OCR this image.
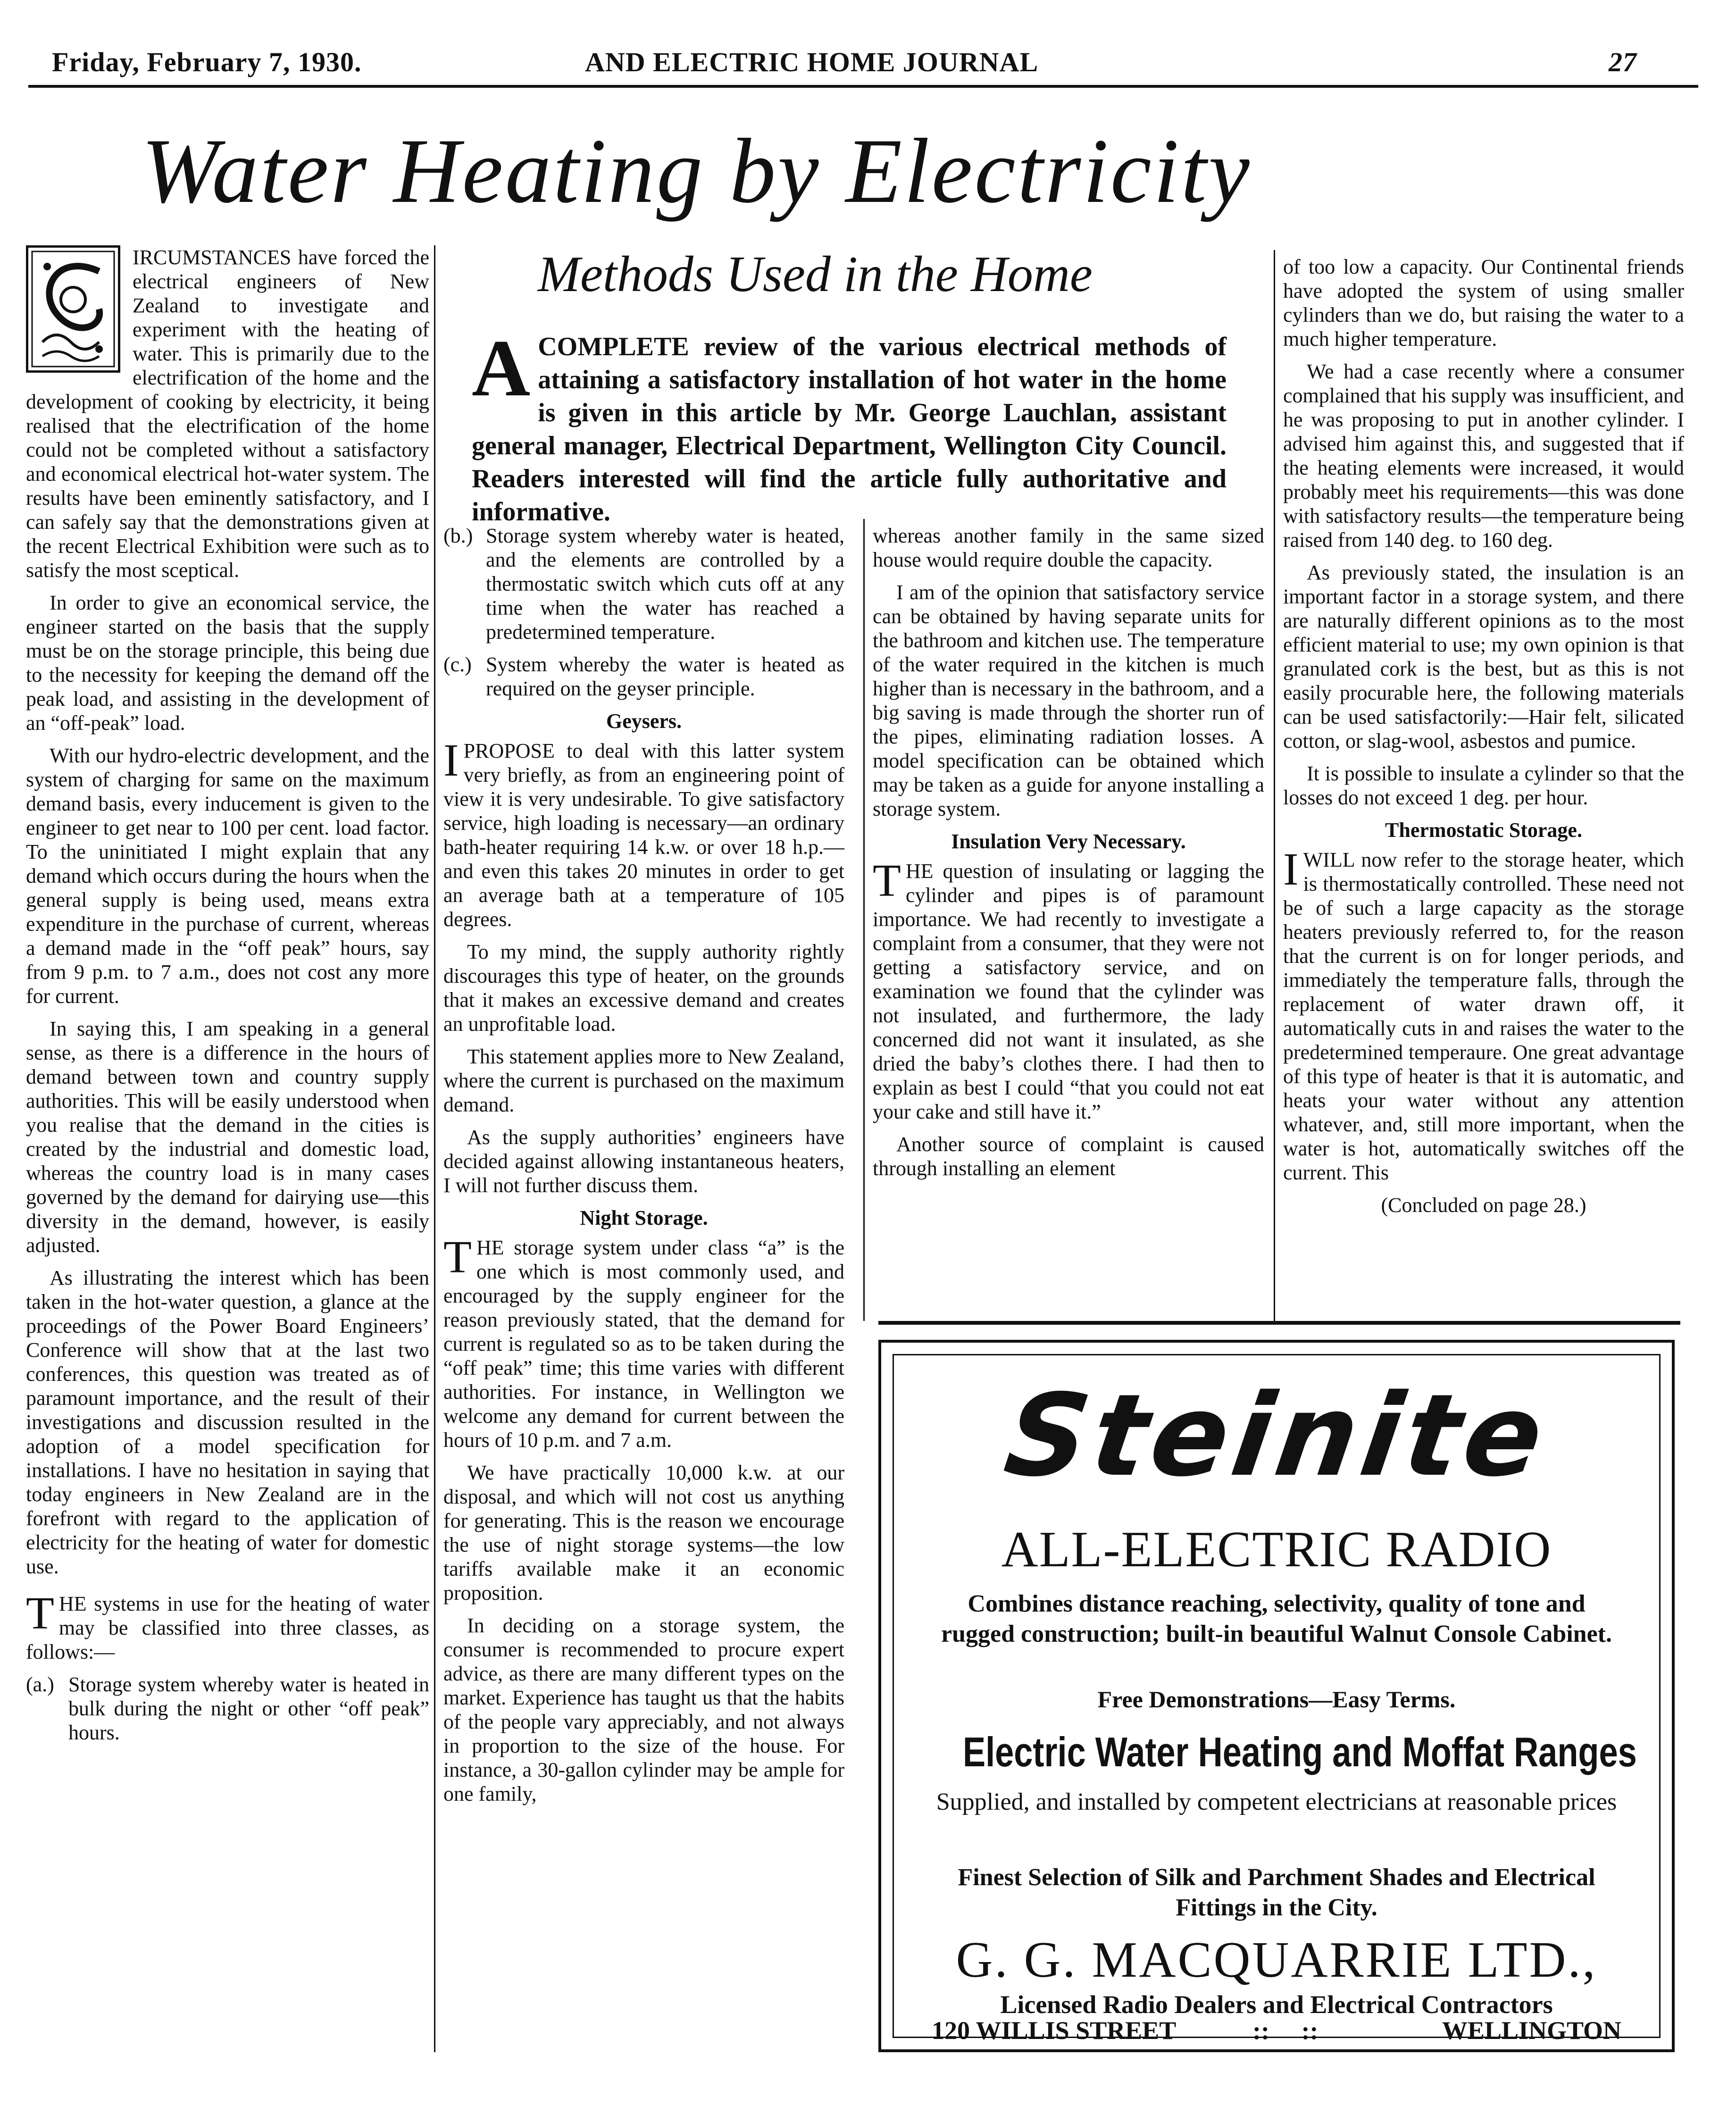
Friday, February 7, 1930.	AND ELECTRIC HOME JOURNAL	27
Water Heating by Electricity
Methods Used in the Home
A COMPLETE review of the various electrical methods of attaining a satisfactory installation of hot water in the home is given in this article by Mr. George Lauchlan, assistant general manager, Electrical Department, Wellington City Council. Readers interested will find the article fully authoritative and informative.

IRCUMSTANCES have forced the electrical engineers of New Zealand to investigate and experiment with the heating of water. This is primarily due to the electrification of the home and the development of cooking by electricity, it being realised that the electrification of the home could not be completed without a satisfactory and economical electrical hot-water system. The results have been eminently satisfactory, and I can safely say that the demonstrations given at the recent Electrical Exhibition were such as to satisfy the most sceptical.

In order to give an economical service, the engineer started on the basis that the supply must be on the storage principle, this being due to the necessity for keeping the demand off the peak load, and assisting in the development of an “off-peak” load.

With our hydro-electric development, and the system of charging for same on the maximum demand basis, every inducement is given to the engineer to get near to 100 per cent. load factor. To the uninitiated I might explain that any demand which occurs during the hours when the general supply is being used, means extra expenditure in the purchase of current, whereas a demand made in the “off peak” hours, say from 9 p.m. to 7 a.m., does not cost any more for current.

In saying this, I am speaking in a general sense, as there is a difference in the hours of demand between town and country supply authorities. This will be easily understood when you realise that the demand in the cities is created by the industrial and domestic load, whereas the country load is in many cases governed by the demand for dairying use—this diversity in the demand, however, is easily adjusted.

As illustrating the interest which has been taken in the hot-water question, a glance at the proceedings of the Power Board Engineers’ Conference will show that at the last two conferences, this question was treated as of paramount importance, and the result of their investigations and discussion resulted in the adoption of a model specification for installations. I have no hesitation in saying that today engineers in New Zealand are in the forefront with regard to the application of electricity for the heating of water for domestic use.

T HE systems in use for the heating of water may be classified into three classes, as follows:—

(a.) Storage system whereby water is heated in bulk during the night or other “off peak” hours.

(b.) Storage system whereby water is heated, and the elements are controlled by a thermostatic switch which cuts off at any time when the water has reached a predetermined temperature.

(c.) System whereby the water is heated as required on the geyser principle.

Geysers.

I PROPOSE to deal with this latter system very briefly, as from an engineering point of view it is very undesirable. To give satisfactory service, high loading is necessary—an ordinary bath-heater requiring 14 k.w. or over 18 h.p.—and even this takes 20 minutes in order to get an average bath at a temperature of 105 degrees.

To my mind, the supply authority rightly discourages this type of heater, on the grounds that it makes an excessive demand and creates an unprofitable load.

This statement applies more to New Zealand, where the current is purchased on the maximum demand.

As the supply authorities’ engineers have decided against allowing instantaneous heaters, I will not further discuss them.

Night Storage.

T HE storage system under class “a” is the one which is most commonly used, and encouraged by the supply engineer for the reason previously stated, that the demand for current is regulated so as to be taken during the “off peak” time; this time varies with different authorities. For instance, in Wellington we welcome any demand for current between the hours of 10 p.m. and 7 a.m.

We have practically 10,000 k.w. at our disposal, and which will not cost us anything for generating. This is the reason we encourage the use of night storage systems—the low tariffs available make it an economic proposition.

In deciding on a storage system, the consumer is recommended to procure expert advice, as there are many different types on the market. Experience has taught us that the habits of the people vary appreciably, and not always in proportion to the size of the house. For instance, a 30-gallon cylinder may be ample for one family,

whereas another family in the same sized house would require double the capacity.

I am of the opinion that satisfactory service can be obtained by having separate units for the bathroom and kitchen use. The temperature of the water required in the kitchen is much higher than is necessary in the bathroom, and a big saving is made through the shorter run of the pipes, eliminating radiation losses. A model specification can be obtained which may be taken as a guide for anyone installing a storage system.

Insulation Very Necessary.

T HE question of insulating or lagging the cylinder and pipes is of paramount importance. We had recently to investigate a complaint from a consumer, that they were not getting a satisfactory service, and on examination we found that the cylinder was not insulated, and furthermore, the lady concerned did not want it insulated, as she dried the baby’s clothes there. I had then to explain as best I could “that you could not eat your cake and still have it.”

Another source of complaint is caused through installing an element

of too low a capacity. Our Continental friends have adopted the system of using smaller cylinders than we do, but raising the water to a much higher temperature.

We had a case recently where a consumer complained that his supply was insufficient, and he was proposing to put in another cylinder. I advised him against this, and suggested that if the heating elements were increased, it would probably meet his requirements—this was done with satisfactory results—the temperature being raised from 140 deg. to 160 deg.

As previously stated, the insulation is an important factor in a storage system, and there are naturally different opinions as to the most efficient material to use; my own opinion is that granulated cork is the best, but as this is not easily procurable here, the following materials can be used satisfactorily:—Hair felt, silicated cotton, or slag-wool, asbestos and pumice.

It is possible to insulate a cylinder so that the losses do not exceed 1 deg. per hour.

Thermostatic Storage.

I WILL now refer to the storage heater, which is thermostatically controlled. These need not be of such a large capacity as the storage heaters previously referred to, for the reason that the current is on for longer periods, and immediately the temperature falls, through the replacement of water drawn off, it automatically cuts in and raises the water to the predetermined temperaure. One great advantage of this type of heater is that it is automatic, and heats your water without any attention whatever, and, still more important, when the water is hot, automatically switches off the current. This

(Concluded on page 28.)

Steinite
ALL-ELECTRIC RADIO
Combines distance reaching, selectivity, quality of tone and rugged construction; built-in beautiful Walnut Console Cabinet.
Free Demonstrations—Easy Terms.
Electric Water Heating and Moffat Ranges
Supplied, and installed by competent electricians at reasonable prices
Finest Selection of Silk and Parchment Shades and Electrical Fittings in the City.
G. G. MACQUARRIE LTD.,
Licensed Radio Dealers and Electrical Contractors
120 WILLIS STREET	::     ::	WELLINGTON
